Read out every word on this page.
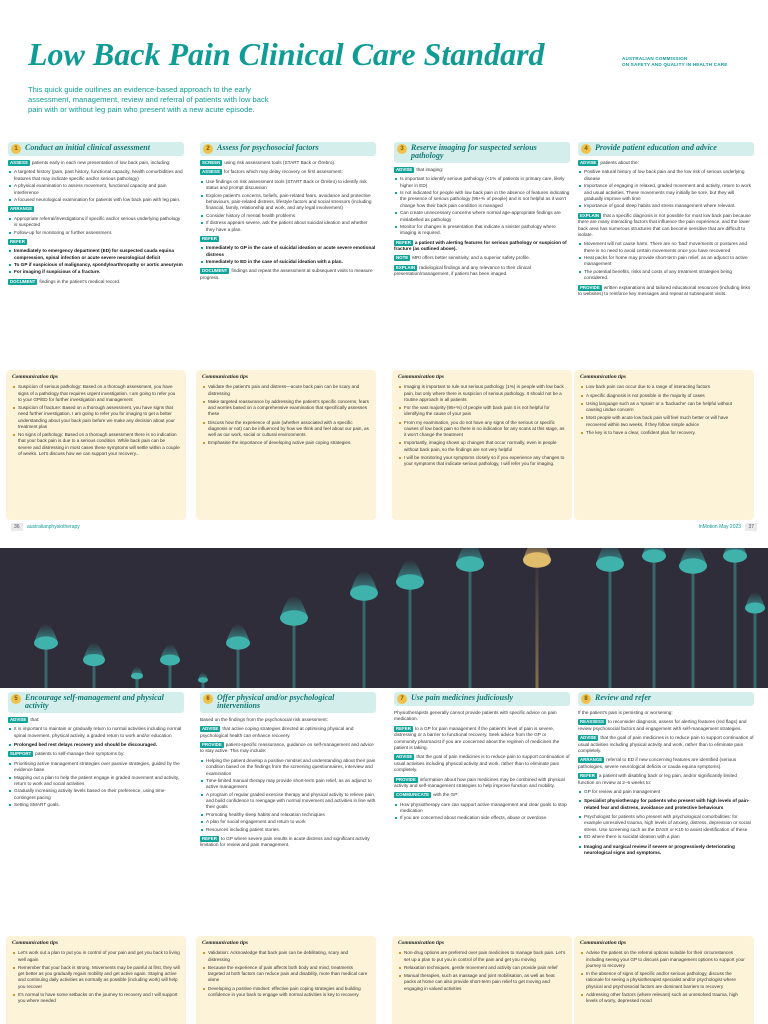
Low Back Pain Clinical Care Standard	AUSTRALIAN COMMISSION
ON SAFETY AND QUALITY IN HEALTH CARE
This quick guide outlines an evidence-based approach to the early assessment, management, review and referral of patients with low back pain with or without leg pain who present with a new acute episode.
1 Conduct an initial clinical assessment
ASSESS patients early in each new presentation of low back pain, including:
A targeted history (pain, past history, functional capacity, health comorbidities and features that may indicate specific and/or serious pathology)
A physical examination to assess movement, functional capacity and pain interference
A focused neurological examination for patients with low back pain with leg pain.
ARRANGE
Appropriate referral/investigations if specific and/or serious underlying pathology is suspected
Follow-up for monitoring or further assessment.
REFER
Immediately to emergency department (ED) for suspected cauda equina compression, spinal infection or acute severe neurological deficit
To GP if suspicious of malignancy, spondyloarthropathy or aortic aneurysm
For imaging if suspicious of a fracture.
DOCUMENT findings in the patient's medical record.
2 Assess for psychosocial factors
SCREEN using risk assessment tools (START Back or Örebro).
ASSESS for factors which may delay recovery on first assessment:
Use findings on risk assessment tools (START Back or Örebro) to identify risk status and prompt discussion
Explore patient's concerns, beliefs, pain-related fears, avoidance and protective behaviours, pain-related distress, lifestyle factors and social stressors (including financial, family, relationship and work, and any legal involvement)
Consider history of mental health problems
If distress appears severe, ask the patient about suicidal ideation and whether they have a plan.
REFER
Immediately to GP in the case of suicidal ideation or acute severe emotional distress
Immediately to ED in the case of suicidal ideation with a plan.
DOCUMENT findings and repeat the assessment at subsequent visits to measure progress.
3 Reserve imaging for suspected serious pathology
ADVISE that imaging:
Is important to identify serious pathology (<1% of patients in primary care, likely higher in ED)
Is not indicated for people with low back pain in the absence of features indicating the presence of serious pathology (95+% of people) and is not helpful as it won't change how their back pain condition is managed
Can create unnecessary concerns where normal age-appropriate findings are mislabelled as pathology
Monitor for changes in presentation that indicate a sinister pathology where imaging is required.
REFER a patient with alerting features for serious pathology or suspicion of fracture (as outlined above).
NOTE MRI offers better sensitivity, and a superior safety profile.
EXPLAIN radiological findings and any relevance to their clinical presentation/management, if patient has been imaged.
4 Provide patient education and advice
ADVISE patients about the:
Positive natural history of low back pain and the low risk of serious underlying disease
Importance of engaging in relaxed, graded movement and activity, return to work and usual activities. These movements may initially be sore, but they will gradually improve with time
Importance of good sleep habits and stress management where relevant.
EXPLAIN that a specific diagnosis is not possible for most low back pain because there are many interacting factors that influence the pain experience, and the lower back area has numerous structures that can become sensitive that are difficult to isolate.
Movement will not cause harm. There are no 'bad' movements or postures and there is no need to avoid certain movements once you have recovered
Heat packs for home may provide short-term pain relief, as an adjunct to active management
The potential benefits, risks and costs of any treatment strategies being considered.
PROVIDE written explanations and tailored educational resources (including links to websites) to reinforce key messages and repeat at subsequent visits.
Communication tips
Suspicion of serious pathology: Based on a thorough assessment, you have signs of a pathology that requires urgent investigation. I am going to refer you to your GP/ED for further investigation and management
Suspicion of fracture: Based on a thorough assessment, you have signs that need further investigation. I am going to refer you for imaging to get a better understanding about your back pain before we make any decision about your treatment plan
No signs of pathology: Based on a thorough assessment there is no indication that your back pain is due to a serious condition. While back pain can be severe and distressing in most cases these symptoms will settle within a couple of weeks. Let's discuss how we can support your recovery...
Communication tips
Validate the patient's pain and distress—acute back pain can be scary and distressing
Make targeted reassurance by addressing the patient's specific concerns, fears and worries based on a comprehensive examination that specifically assesses these
Discuss how the experience of pain (whether associated with a specific diagnosis or not) can be influenced by how we think and feel about our pain, as well as our work, social or cultural environments
Emphasise the importance of developing active pain coping strategies.
Communication tips
Imaging is important to rule out serious pathology (1%) in people with low back pain, but only where there is suspicion of serious pathology. It should not be a routine approach in all patients
For the vast majority (95+%) of people with back pain it is not helpful for identifying the cause of your pain
From my examination, you do not have any signs of the serious or specific causes of low back pain so there is no indication for any scans at this stage, as it won't change the treatment
Importantly, imaging shows up changes that occur normally, even in people without back pain, so the findings are not very helpful
I will be monitoring your symptoms closely so if you experience any changes to your symptoms that indicate serious pathology, I will refer you for imaging.
Communication tips
Low back pain can occur due to a range of interacting factors
A specific diagnosis is not possible in the majority of cases
Using language such as a 'sprain' or a 'backache' can be helpful without causing undue concern
Most people with acute low back pain will feel much better or will have recovered within two weeks, if they follow simple advice
The key is to have a clear, confident plan for recovery.
36 australianphysiotherapy	InMotion May 2023 37
5 Encourage self-management and physical activity
ADVISE that:
It is important to maintain or gradually return to normal activities including normal spinal movement, physical activity, a graded return to work and/or education
Prolonged bed rest delays recovery and should be discouraged.
SUPPORT patients to self-manage their symptoms by:
Prioritising active management strategies over passive strategies, guided by the evidence base
Mapping out a plan to help the patient engage in graded movement and activity, return to work and social activities
Gradually increasing activity levels based on their preference, using time-contingent pacing
Setting SMART goals.
6 Offer physical and/or psychological interventions
Based on the findings from the psychosocial risk assessment:
ADVISE that active coping strategies directed at optimising physical and psychological health can enhance recovery.
PROVIDE patient-specific reassurance, guidance on self-management and advice to stay active. This may include:
Helping the patient develop a positive mindset and understanding about their pain condition based on the findings from the screening questionnaires, interview and examination
Time-limited manual therapy may provide short-term pain relief, as an adjunct to active management
A program of regular graded exercise therapy and physical activity to relieve pain, and build confidence to reengage with normal movement and activities in line with their goals
Promoting healthy sleep habits and relaxation techniques
A plan for social engagement and return to work
Resources including patient stories.
REFER to GP where severe pain results in acute distress and significant activity limitation for review and pain management.
7 Use pain medicines judiciously
Physiotherapists generally cannot provide patients with specific advice on pain medication.
REFER to a GP for pain management if the patient's level of pain is severe, distressing or a barrier to functional recovery. Seek advice from the GP or community pharmacist if you are concerned about the regimen of medicines the patient is taking.
ADVISE that the goal of pain medicines is to reduce pain to support continuation of usual activities including physical activity and work, rather than to eliminate pain completely.
PROVIDE information about how pain medicines may be combined with physical activity and self-management strategies to help improve function and mobility.
COMMUNICATE with the GP:
How physiotherapy care can support active management and clear goals to stop medication
If you are concerned about medication side effects, abuse or overdose.
8 Review and refer
If the patient's pain is persisting or worsening:
REASSESS to reconsider diagnosis, assess for alerting features (red flags) and review psychosocial factors and engagement with self-management strategies.
ADVISE that the goal of pain medicines is to reduce pain to support continuation of usual activities including physical activity and work, rather than to eliminate pain completely.
ARRANGE referral to ED if new concerning features are identified (serious pathologies, severe neurological deficits or cauda equina symptoms).
REFER a patient with disabling back or leg pain, and/or significantly limited function on review at 2–6 weeks to:
GP for review and pain management
Specialist physiotherapy for patients who present with high levels of pain-related fear and distress, avoidance and protective behaviours
Psychologist for patients who present with psychological comorbidities: for example unresolved trauma, high levels of anxiety, distress, depression or social stress. Use screening such as the DASS or K10 to assist identification of these
ED where there is suicidal ideation with a plan
Imaging and surgical review if severe or progressively deteriorating neurological signs and symptoms.
Communication tips
Let's work out a plan to put you in control of your pain and get you back to living well again
Remember that your back is strong. Movements may be painful at first, they will get better as you gradually regain mobility and get active again. Staying active and continuing daily activities as normally as possible (including work) will help you recover
It's normal to have some setbacks on the journey to recovery and I will support you where needed
Communication tips
Validation: Acknowledge that back pain can be debilitating, scary and distressing
Because the experience of pain affects both body and mind, treatments targeted at both factors can reduce pain and disability, more than medical care alone
Developing a positive mindset: effective pain coping strategies and building confidence in your back to engage with normal activities is key to recovery
Communication tips
Non-drug options are preferred over pain medicines to manage back pain. Let's set up a plan to put you in control of the pain and get you moving
Relaxation techniques, gentle movement and activity can provide pain relief
Manual therapies, such as massage and joint mobilisation, as well as heat packs at home can also provide short-term pain relief to get moving and engaging in valued activities
Communication tips
Advise the patient on the referral options suitable for their circumstances including seeing your GP to discuss pain management options to support your journey to recovery
In the absence of signs of specific and/or serious pathology, discuss the rationale for seeing a physiotherapist specialist and/or psychologist where physical and psychosocial factors are dominant barriers to recovery
Addressing other factors (where relevant) such as unresolved trauma, high levels of worry, depressed mood
